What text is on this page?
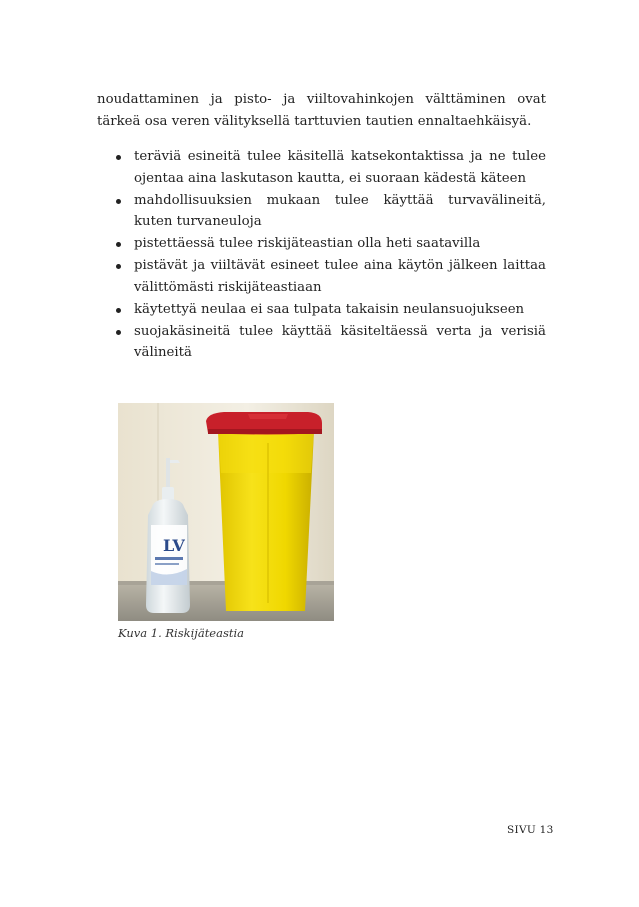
noudattaminen ja pisto- ja viiltovahinkojen välttäminen ovat tärkeä osa veren välityksellä tarttuvien tautien ennaltaehkäisyä.

teräviä esineitä tulee käsitellä katsekontaktissa ja ne tulee ojentaa aina laskutason kautta, ei suoraan kädestä käteen
mahdollisuuksien mukaan tulee käyttää turvavälineitä, kuten turvaneuloja
pistettäessä tulee riskijäteastian olla heti saatavilla
pistävät ja viiltävät esineet tulee aina käytön jälkeen laittaa välittömästi riskijäteastiaan
käytettyä neulaa ei saa tulpata takaisin neulansuojukseen
suojakäsineitä tulee käyttää käsiteltäessä verta ja verisiä välineitä
LV
Kuva 1. Riskijäteastia
SIVU 13
